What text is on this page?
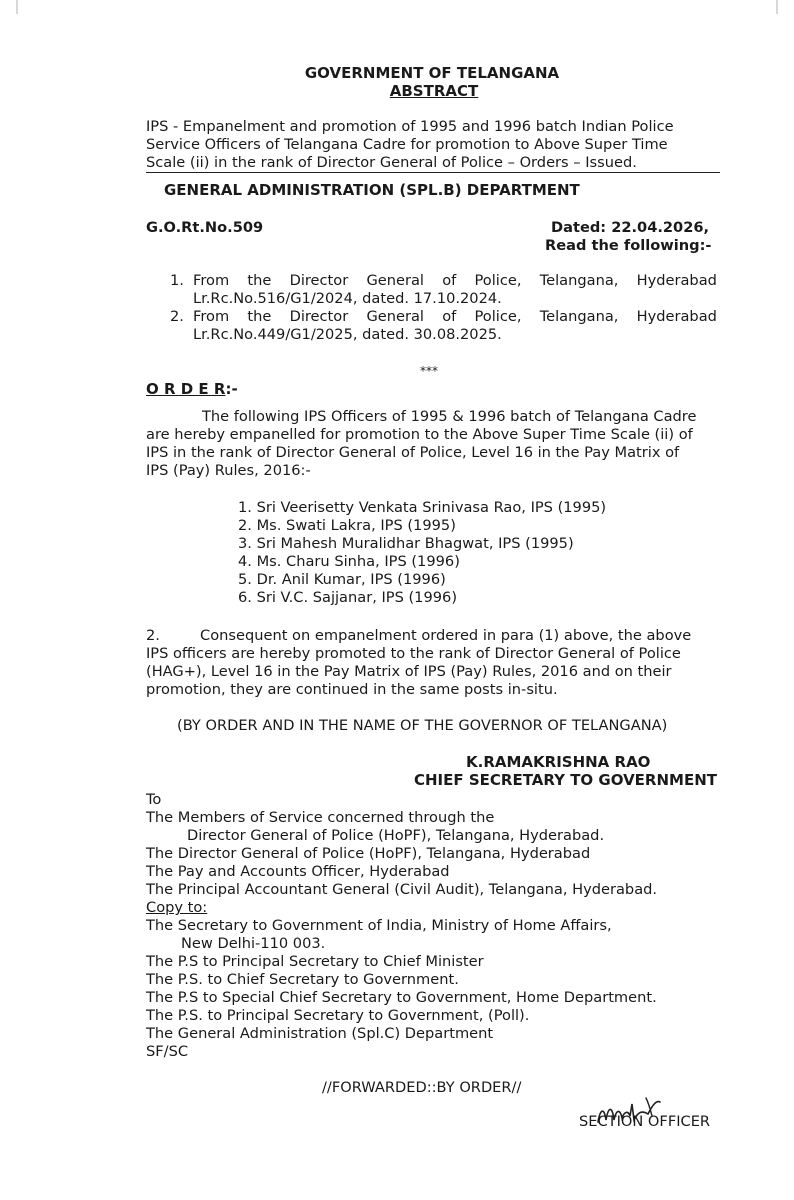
GOVERNMENT OF TELANGANA
ABSTRACT
IPS - Empanelment and promotion of 1995 and 1996 batch Indian Police
Service Officers of Telangana Cadre for promotion to Above Super Time
Scale (ii) in the rank of Director General of Police – Orders – Issued.
GENERAL ADMINISTRATION (SPL.B) DEPARTMENT
G.O.Rt.No.509	Dated: 22.04.2026,
Read the following:-
1. From the Director General of Police, Telangana, Hyderabad
Lr.Rc.No.516/G1/2024, dated. 17.10.2024.
2. From the Director General of Police, Telangana, Hyderabad
Lr.Rc.No.449/G1/2025, dated. 30.08.2025.
***
O R D E R:-
The following IPS Officers of 1995 & 1996 batch of Telangana Cadre
are hereby empanelled for promotion to the Above Super Time Scale (ii) of
IPS in the rank of Director General of Police, Level 16 in the Pay Matrix of
IPS (Pay) Rules, 2016:-
1. Sri Veerisetty Venkata Srinivasa Rao, IPS (1995)
2. Ms. Swati Lakra, IPS (1995)
3. Sri Mahesh Muralidhar Bhagwat, IPS (1995)
4. Ms. Charu Sinha, IPS (1996)
5. Dr. Anil Kumar, IPS (1996)
6. Sri V.C. Sajjanar, IPS (1996)
2.	Consequent on empanelment ordered in para (1) above, the above
IPS officers are hereby promoted to the rank of Director General of Police
(HAG+), Level 16 in the Pay Matrix of IPS (Pay) Rules, 2016 and on their
promotion, they are continued in the same posts in-situ.
(BY ORDER AND IN THE NAME OF THE GOVERNOR OF TELANGANA)
K.RAMAKRISHNA RAO
CHIEF SECRETARY TO GOVERNMENT
To
The Members of Service concerned through the
Director General of Police (HoPF), Telangana, Hyderabad.
The Director General of Police (HoPF), Telangana, Hyderabad
The Pay and Accounts Officer, Hyderabad
The Principal Accountant General (Civil Audit), Telangana, Hyderabad.
Copy to:
The Secretary to Government of India, Ministry of Home Affairs,
New Delhi-110 003.
The P.S to Principal Secretary to Chief Minister
The P.S. to Chief Secretary to Government.
The P.S to Special Chief Secretary to Government, Home Department.
The P.S. to Principal Secretary to Government, (Poll).
The General Administration (Spl.C) Department
SF/SC
//FORWARDED::BY ORDER//
SECTION OFFICER
